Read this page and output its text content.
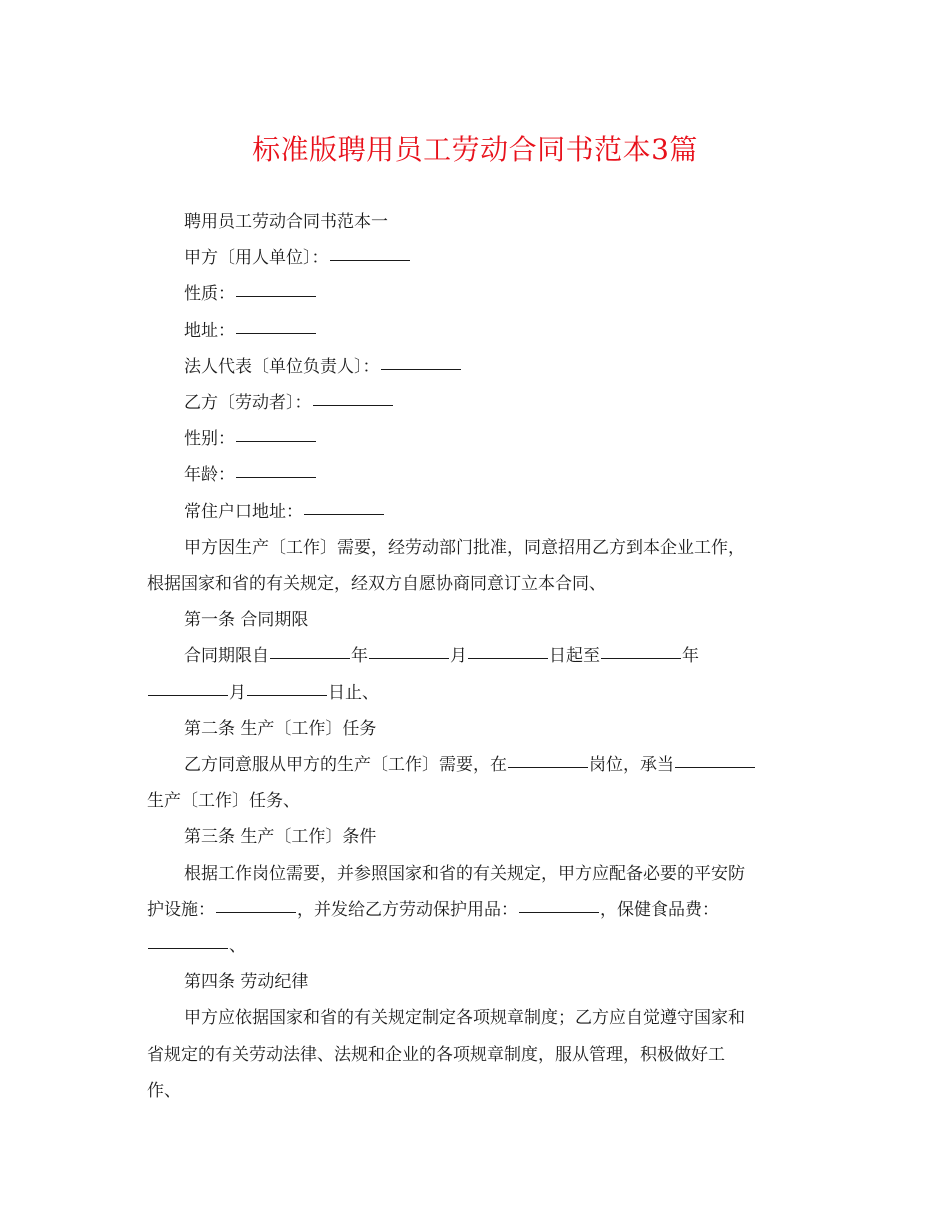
标准版聘用员工劳动合同书范本3篇

聘用员工劳动合同书范本一

甲方〔用人单位〕：

性质：

地址：

法人代表〔单位负责人〕：

乙方〔劳动者〕：

性别：

年龄：

常住户口地址：

甲方因生产〔工作〕需要，经劳动部门批准，同意招用乙方到本企业工作，

根据国家和省的有关规定，经双方自愿协商同意订立本合同、

第一条 合同期限

合同期限自	年	月	日起至	年

月	日止、

第二条 生产〔工作〕任务

乙方同意服从甲方的生产〔工作〕需要，在	岗位，承当

生产〔工作〕任务、

第三条 生产〔工作〕条件

根据工作岗位需要，并参照国家和省的有关规定，甲方应配备必要的平安防

护设施：	，并发给乙方劳动保护用品：	，保健食品费：

、

第四条 劳动纪律

甲方应依据国家和省的有关规定制定各项规章制度；乙方应自觉遵守国家和

省规定的有关劳动法律、法规和企业的各项规章制度，服从管理，积极做好工

作、
